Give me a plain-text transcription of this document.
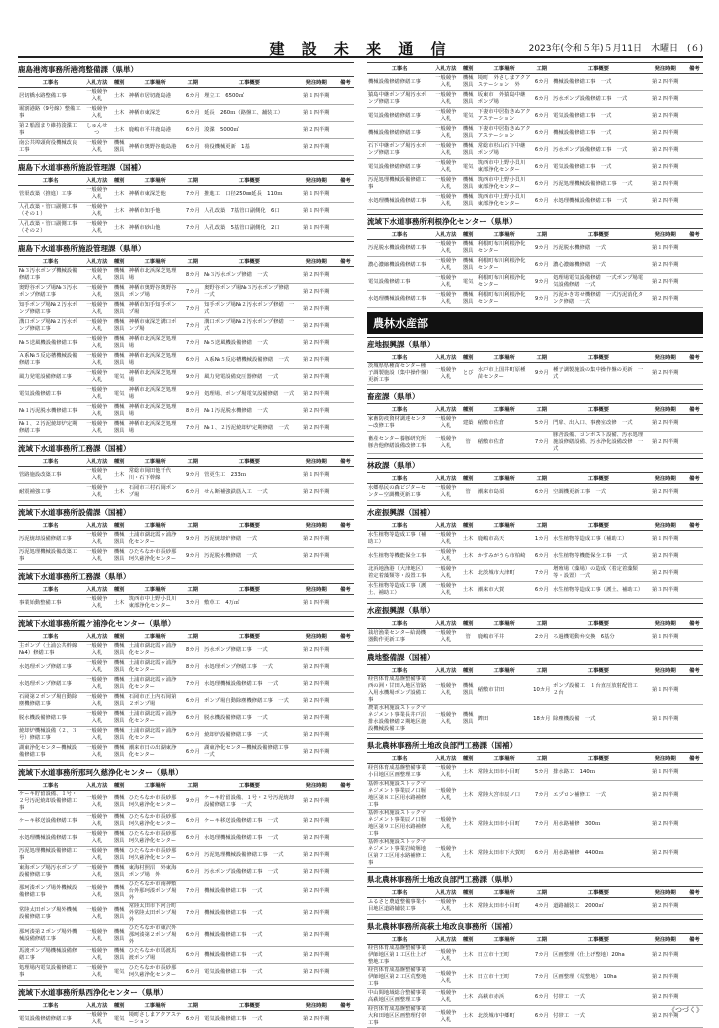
建 設 未 来 通 信	2023年(令和５年)５月11日　木曜日　(６)
鹿島港湾事務所港湾整備課（県単）
工事名	入札方法	種別	工事場所	工期	工事概要	発注時期	備考
居切橋水路整備工事	一般競争入札	土木	神栖市居切鹿島港	6カ月	埋立工　6500㎡	第１四半期	
堀割港路（9号線）整備工事	一般競争入札	土木	神栖市東深芝	6カ月	延長　260ｍ（路盤工、舗装工）	第１四半期	
第２船溜まり維持浚渫工事	しゅんせつ	土木	鹿嶋市平井鹿島港	6カ月	浚渫　5000㎥	第２四半期	
南公共埠頭荷役機械改良工事	一般競争入札	機械器具	神栖市奥野谷鹿島港	6カ月	荷役機械更新　1基	第２四半期	
鹿島下水道事務所施設管理課（国補）
工事名	入札方法	種別	工事場所	工期	工事概要	発注時期	備考
管渠改築（推進）工事	一般競争入札	土木	神栖市東深芝他	7カ月	推進工　口径250㎜延長　110ｍ	第１四半期	
人孔改築・管口副側工事（その１）	一般競争入札	土木	神栖市知手他	7カ月	人孔改築　7基管口副側化　6口	第１四半期	
人孔改築・管口副側工事（その２）	一般競争入札	土木	神栖市砂山他	7カ月	人孔改築　5基管口副側化　2口	第１四半期	
鹿島下水道事務所施設管理課（県単）
工事名	入札方法	種別	工事場所	工期	工事概要	発注時期	備考
№３汚水ポンプ機械設備修繕工事	一般競争入札	機械器具	神栖市北浜深芝処理場	8カ月	№３汚水ポンプ修繕　一式	第２四半期	
奥野谷ポンプ場№３汚水ポンプ修繕工事	一般競争入札	機械器具	神栖市奥野谷奥野谷ポンプ場	7カ月	奥野谷ポンプ場№３汚水ポンプ修繕　一式	第２四半期	
知手ポンプ場№２汚水ポンプ修繕工事	一般競争入札	機械器具	神栖市知手知手ポンプ場	7カ月	知手ポンプ場№２汚水ポンプ修繕　一式	第２四半期	
溝口ポンプ場№２汚水ポンプ修繕工事	一般競争入札	機械器具	神栖市東深芝溝口ポンプ場	7カ月	溝口ポンプ場№２汚水ポンプ修繕　一式	第２四半期	
№５送風機設備修繕工事	一般競争入札	機械器具	神栖市北浜深芝処理場	7カ月	№５送風機設備修繕　一式	第２四半期	
Ａ系№５反応槽機械設備修繕工事	一般競争入札	機械器具	神栖市北浜深芝処理場	6カ月	Ａ系№５反応槽機械設備修繕　一式	第２四半期	
風力発電設備修繕工事	一般競争入札	電気	神栖市北浜深芝処理場	9カ月	風力発電設備変圧器修繕　一式	第２四半期	
電気設備修繕工事	一般競争入札	電気	神栖市北浜深芝処理場	9カ月	処理場、ポンプ場電気設備修繕　一式	第２四半期	
№１汚泥脱水機修繕工事	一般競争入札	機械器具	神栖市北浜深芝処理場	8カ月	№１汚泥脱水機修繕　一式	第２四半期	
№１、２汚泥焼却炉定期修繕工事	一般競争入札	機械器具	神栖市北浜深芝処理場	7カ月	№１、２汚泥焼却炉定期修繕　一式	第２四半期	
流域下水道事務所工務課（国補）
工事名	入札方法	種別	工事場所	工期	工事概要	発注時期	備考
管路施設改築工事	一般競争入札	土木	常総市岡田他千代川・石下幹線	9カ月	管更生工　233ｍ	第１四半期	
耐震補強工事	一般競争入札	土木	石岡市三村石岡ポンプ場	6カ月	せん断補強鉄筋入工　一式	第２四半期	
流域下水道事務所設備課（国補）
工事名	入札方法	種別	工事場所	工期	工事概要	発注時期	備考
汚泥焼却設備修繕工事	一般競争入札	機械器具	土浦市湖北霞ヶ浦浄化センター	9カ月	汚泥焼却炉修繕　一式	第２四半期	
汚泥処理機械設備改築工事	一般競争入札	機械器具	ひたちなか市長砂那珂久慈浄化センター	9カ月	汚泥脱水機修繕　一式	第２四半期	
流域下水道事務所工務課（県単）
工事名	入札方法	種別	工事場所	工期	工事概要	発注時期	備考
事業始動整備工事	一般競争入札	土木	筑西市中上野小貝川東部浄化センター	3カ月	敷草工　4万㎡	第１四半期	
流域下水道事務所霞ケ浦浄化センター（県単）
工事名	入札方法	種別	工事場所	工期	工事概要	発注時期	備考
主ポンプ（土浦公共幹線№4）修繕工事	一般競争入札	機械器具	土浦市湖北霞ヶ浦浄化センター	8カ月	汚水ポンプ修繕工事　一式	第２四半期	
水処理ポンプ修繕工事	一般競争入札	機械器具	土浦市湖北霞ヶ浦浄化センター	8カ月	水処理ポンプ修繕工事　一式	第２四半期	
水処理ポンプ修繕工事	一般競争入札	機械器具	土浦市湖北霞ヶ浦浄化センター	7カ月	水処理機械設備修繕工事　一式	第２四半期	
石岡第２ポンプ場自動除塵機修繕工事	一般競争入札	機械器具	石岡市正上内石岡第２ポンプ場	6カ月	ポンプ場自動除塵機修繕工事　一式	第２四半期	
脱水機設備修繕工事	一般競争入札	機械器具	土浦市湖北霞ヶ浦浄化センター	6カ月	脱水機設備修繕工事　一式	第２四半期	
焼却炉機械設備（２、３号）修繕工事	一般競争入札	機械器具	土浦市湖北霞ヶ浦浄化センター	6カ月	焼却炉設備修繕工事　一式	第２四半期	
湖東浄化センター機械設備修繕工事	一般競争入札	機械器具	潮来市日の出湖東浄化センター	6カ月	湖東浄化センター機械設備修繕工事　一式	第２四半期	
流域下水道事務所那珂久慈浄化センター（県単）
工事名	入札方法	種別	工事場所	工期	工事概要	発注時期	備考
ケーキ貯留設備、１号・２号汚泥焼却設備修繕工事	一般競争入札	機械器具	ひたちなか市長砂那珂久慈浄化センター	9カ月	ケーキ貯留設備、１号・２号汚泥焼却設備修繕工事　一式	第２四半期	
ケーキ移送設備修繕工事	一般競争入札	機械器具	ひたちなか市長砂那珂久慈浄化センター	6カ月	ケーキ移送設備修繕工事　一式	第２四半期	
水処理機械設備修繕工事	一般競争入札	機械器具	ひたちなか市長砂那珂久慈浄化センター	6カ月	水処理機械設備修繕工事　一式	第２四半期	
汚泥処理機械設備修繕工事	一般競争入札	機械器具	ひたちなか市長砂那珂久慈浄化センター	6カ月	汚泥処理機械設備修繕工事　一式	第２四半期	
東海ポンプ場汚水ポンプ設備修繕工事	一般競争入札	機械器具	東海村照沼　外東海ポンプ場　外	6カ月	汚水ポンプ設備修繕工事　一式	第２四半期	
那珂湊ポンプ場外機械設備修繕工事	一般競争入札	機械器具	ひたちなか市南神敷台外那珂湊ポンプ場外	7カ月	機械設備修繕工事　一式	第２四半期	
常陸太田ポンプ場外機械設備修繕工事	一般競争入札	機械器具	常陸太田市下河合町　外常陸太田ポンプ場　外	7カ月	機械設備修繕工事　一式	第２四半期	
那珂湊第２ポンプ場外機械設備修繕工事	一般競争入札	機械器具	ひたちなか市東沢外那珂湊第２ポンプ場外	6カ月	機械設備修繕工事　一式	第２四半期	
馬渡ポンプ場機械設備修繕工事	一般競争入札	機械器具	ひたちなか市馬渡馬渡ポンプ場	6カ月	機械設備修繕工事　一式	第２四半期	
処理場内電気設備修繕工事	一般競争入札	電気	ひたちなか市長砂那珂久慈浄化センター	6カ月	電気設備修繕工事　一式	第２四半期	
流域下水道事務所県西浄化センター（県単）
工事名	入札方法	種別	工事場所	工期	工事概要	発注時期	備考
電気設備修繕修繕工事	一般競争入札	電気	境町さしまアクアステーション	6カ月	電気設備修繕工事　一式	第２四半期	
工事名	入札方法	種別	工事場所	工期	工事概要	発注時期	備考
機械設備修繕修繕工事	一般競争入札	機械器具	境町　外さしまアクアステーション　外	6カ月	機械設備修繕工事　一式	第２四半期	
猿島中継ポンプ場汚水ポンプ修繕工事	一般競争入札	機械器具	坂東市　外猿島中継ポンプ場	6カ月	汚水ポンプ設備修繕工事　一式	第２四半期	
電気設備修繕修繕工事	一般競争入札	電気	下妻市中居指きぬアクアステーション	6カ月	電気設備修繕工事　一式	第２四半期	
機械設備修繕修繕工事	一般競争入札	機械器具	下妻市中居指きぬアクアステーション	6カ月	機械設備修繕工事　一式	第２四半期	
石下中継ポンプ場汚水ポンプ修繕工事	一般競争入札	機械器具	常総市杉山石下中継ポンプ場	6カ月	汚水ポンプ設備修繕工事　一式	第２四半期	
電気設備修繕修繕工事	一般競争入札	電気	筑西市中上野小貝川東部浄化センター	6カ月	電気設備修繕工事　一式	第２四半期	
汚泥処理機械設備修繕工事	一般競争入札	機械器具	筑西市中上野小貝川東部浄化センター	6カ月	汚泥処理機械設備修繕工事　一式	第２四半期	
水処理機械設備修繕工事	一般競争入札	機械器具	筑西市中上野小貝川東部浄化センター	6カ月	水処理機械設備修繕工事　一式	第２四半期	
流域下水道事務所利根浄化センター（県単）
工事名	入札方法	種別	工事場所	工期	工事概要	発注時期	備考
汚泥脱水機設備修繕工事	一般競争入札	機械器具	利根町布川利根浄化センター	9カ月	汚泥脱水機修繕　一式	第１四半期	
濃心濃縮機設備修繕工事	一般競争入札	機械器具	利根町布川利根浄化センター	6カ月	濃心濃縮機修繕　一式	第２四半期	
電気設備修繕工事	一般競争入札	電気	利根町布川利根浄化センター	9カ月	処理場電気設備修繕　一式ポンプ場電気設備修繕　一式	第２四半期	
水処理機械設備修繕工事	一般競争入札	機械器具	利根町布川利根浄化センター	9カ月	汚泥かき寄せ機修繕　一式汚泥消化タンク修繕　一式	第２四半期	
農林水産部
産地振興課（県単）
工事名	入札方法	種別	工事場所	工期	工事概要	発注時期	備考
茨城県県種苗センター種子調製施設（集中操作盤）更新工事	一般競争入札	とび	水戸市上国井町原種苗センター	9カ月	種子調製施設の集中操作盤の更新　一式	第２四半期	
畜産課（県単）
工事名	入札方法	種別	工事場所	工期	工事概要	発注時期	備考
家畜防疫資材調達センター改修工事	一般競争入札	建築	稲敷市佐倉	5カ月	門扉、出入口、事務室改修　一式	第２四半期	
畜産センター養豚研究所豚舎他修繕設備改修工事	一般競争入札	管	稲敷市佐倉	7カ月	豚舎設備、コンポスト設備、汚水処理施設修繕設備、汚水浄化設備改修　一式	第２四半期	
林政課（県単）
工事名	入札方法	種別	工事場所	工期	工事概要	発注時期	備考
水郷県民の森ビジターセンター空調機更新工事	一般競争入札	管	潮来市島須	6カ月	空調機更新工事　一式	第２四半期	
水産振興課（国補）
工事名	入札方法	種別	工事場所	工期	工事概要	発注時期	備考
水生植物等造成工事（補助工）	一般競争入札	土木	鹿嶋市高天	1カ月	水生植物等造成工事（補助工）	第１四半期	
水生植物等機能保全工事	一般競争入札	土木	かすみがうら市柏崎	6カ月	水生植物等機能保全工事　一式	第２四半期	
北浜地漁港（大津地区）着定着藻類等・設置工事	一般競争入札	土木	北茨城市大津町	7カ月	増殖場（藻場）の造成（着定着藻類等・設置）一式	第２四半期	
水生植物等造成工事（護土、補助工）	一般競争入札	土木	潮来市大賀	6カ月	水生植物等造成工事（護土、補助工）	第３四半期	
水産振興課（県単）
工事名	入札方法	種別	工事場所	工期	工事概要	発注時期	備考
栽培漁業センター給湯機器動作更新工事	一般競争入札	管	鹿嶋市平井	2カ月	ろ過機電動弁交換　6基分	第１四半期	
農地整備課（国補）
工事名	入札方法	種別	工事場所	工期	工事概要	発注時期	備考
経営体育成基盤整備事業西の洲・甘田入地区管路入用水機場ポンプ設備工事	一般競争入札	機械器具	稲敷市甘田	10カ月	ポンプ設備工　１台直圧放射配管工　２台	第１四半期	
農業水利施設ストックマネジメント事業長井戸沼排水設備修繕２期地区施設機械設備工事	一般競争入札	機械器具	鉾田	18カ月	除塵機設備　一式	第１四半期	
県北農林事務所土地改良部門工務課（国補）
工事名	入札方法	種別	工事場所	工期	工事概要	発注時期	備考
経営体育成基盤整備事業小目地区区画整理工事	一般競争入札	土木	常陸太田市小目町	5カ月	排水路工　140ｍ	第１四半期	
基幹水利施設ストックマネジメント事業辰ノ口堰地区第８工区用水路補修工事	一般競争入札	土木	常陸大宮市辰ノ口	7カ月	エプロン補修工　一式	第２四半期	
基幹水利施設ストックマネジメント事業辰ノ口堰地区第９工区用水路補修工事	一般競争入札	土木	常陸太田市小目町	7カ月	用水路補修　300ｍ	第２四半期	
基幹水利施設ストックマネジメント事業岩崎堰地区第７工区用水路補修工事	一般競争入札	土木	常陸太田市下大賀町	6カ月	用水路補修　4400ｍ	第２四半期	
県北農林事務所土地改良部門工務課（県単）
工事名	入札方法	種別	工事場所	工期	工事概要	発注時期	備考
ふるさと農道整備事業小目地区道路舗装工事	一般競争入札	土木	常陸太田市小目町	4カ月	道路舗装工　2000㎡	第２四半期	
県北農林事務所高萩土地改良事務所（国補）
工事名	入札方法	種別	工事場所	工期	工事概要	発注時期	備考
経営体育成基盤整備事業伊師地区第１工区仕上げ整地工事	一般競争入札	土木	日立市十王町	7カ月	区画整理（仕上げ整地）20ha	第２四半期	
経営体育成基盤整備事業伊師地区第２工区荒整地工事	一般競争入札	土木	日立市十王町	7カ月	区画整理（荒整地）　10ha	第２四半期	
中山間地域総合整備事業高萩地区区画整理工事	一般競争入札	土木	高萩市赤浜	6カ月	付帯工　一式	第２四半期	
経営体育成基盤整備事業大和田地区区画整理付帯工事	一般競争入札	土木	北茨城市中郷町	6カ月	付帯工　一式	第２四半期	
《つづく》
